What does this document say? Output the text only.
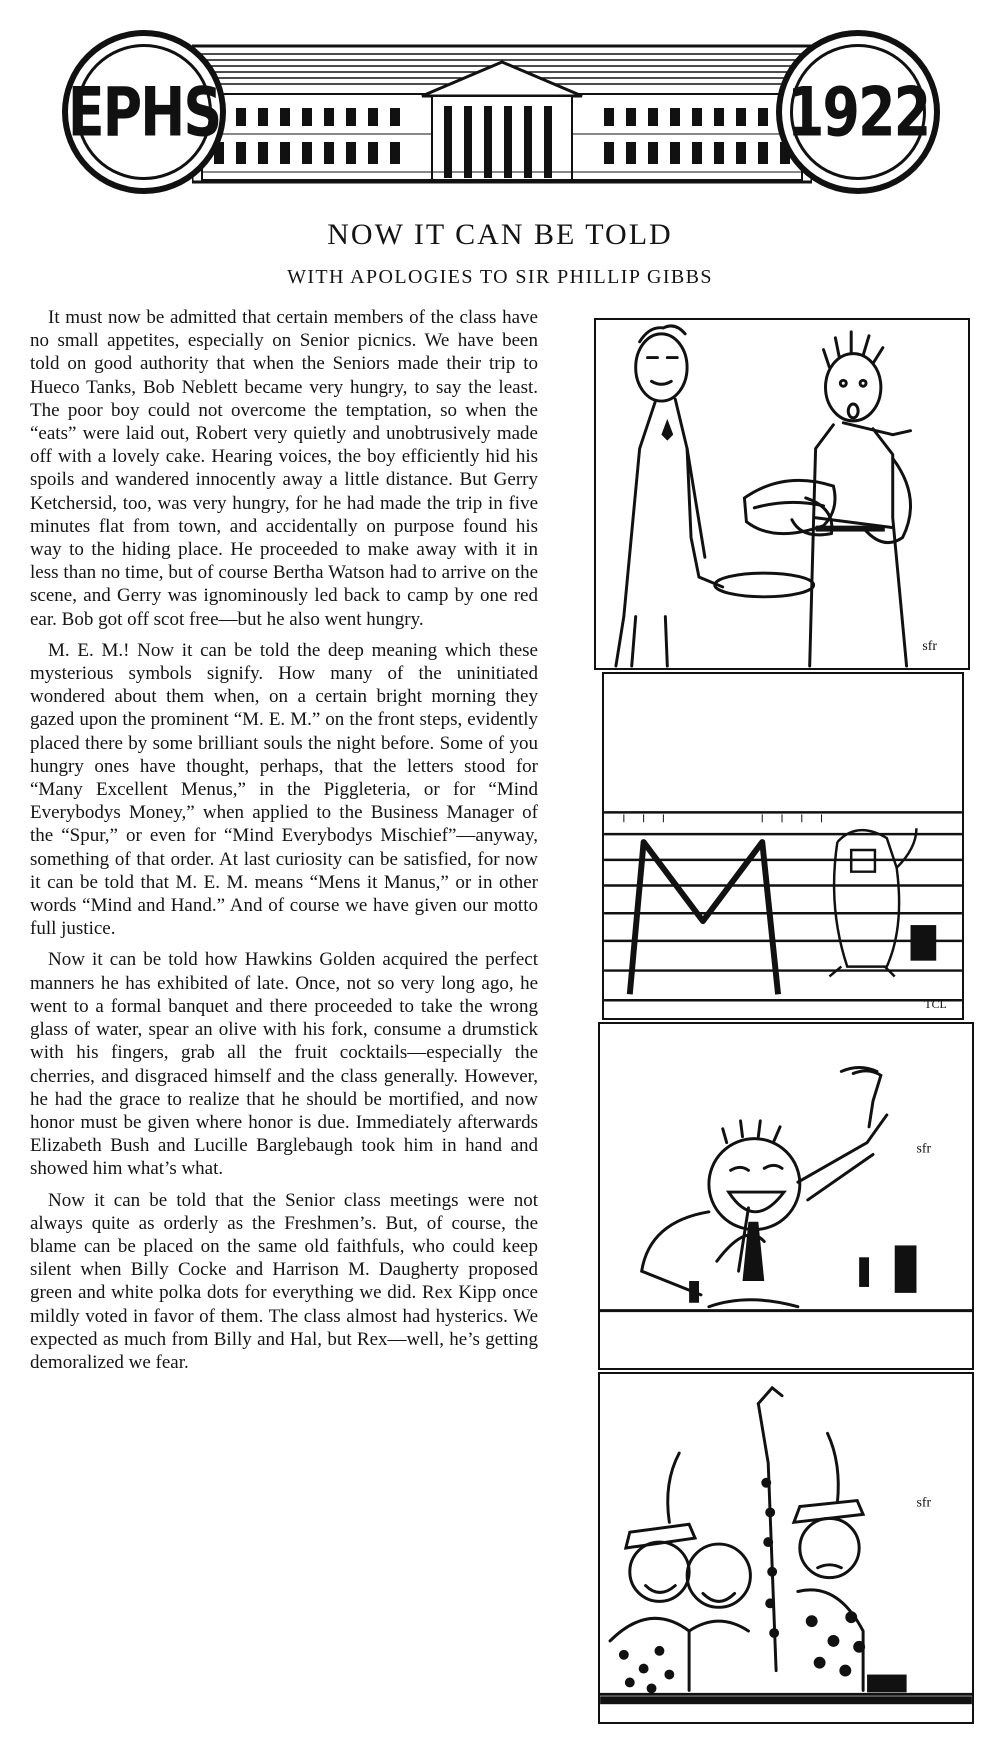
EPHS	1922
NOW IT CAN BE TOLD
WITH APOLOGIES TO SIR PHILLIP GIBBS

It must now be admitted that certain members of the class have no small appetites, especially on Senior picnics. We have been told on good authority that when the Seniors made their trip to Hueco Tanks, Bob Neblett became very hungry, to say the least. The poor boy could not overcome the temptation, so when the “eats” were laid out, Robert very quietly and unobtrusively made off with a lovely cake. Hearing voices, the boy efficiently hid his spoils and wandered innocently away a little distance. But Gerry Ketchersid, too, was very hungry, for he had made the trip in five minutes flat from town, and accidentally on purpose found his way to the hiding place. He proceeded to make away with it in less than no time, but of course Bertha Watson had to arrive on the scene, and Gerry was ignominously led back to camp by one red ear. Bob got off scot free—but he also went hungry.

M. E. M.! Now it can be told the deep meaning which these mysterious symbols signify. How many of the uninitiated wondered about them when, on a certain bright morning they gazed upon the prominent “M. E. M.” on the front steps, evidently placed there by some brilliant souls the night before. Some of you hungry ones have thought, perhaps, that the letters stood for “Many Excellent Menus,” in the Piggleteria, or for “Mind Everybodys Money,” when applied to the Business Manager of the “Spur,” or even for “Mind Everybodys Mischief”—anyway, something of that order. At last curiosity can be satisfied, for now it can be told that M. E. M. means “Mens it Manus,” or in other words “Mind and Hand.” And of course we have given our motto full justice.

Now it can be told how Hawkins Golden acquired the perfect manners he has exhibited of late. Once, not so very long ago, he went to a formal banquet and there proceeded to take the wrong glass of water, spear an olive with his fork, consume a drumstick with his fingers, grab all the fruit cocktails—especially the cherries, and disgraced himself and the class generally. However, he had the grace to realize that he should be mortified, and now honor must be given where honor is due. Immediately afterwards Elizabeth Bush and Lucille Barglebaugh took him in hand and showed him what’s what.

Now it can be told that the Senior class meetings were not always quite as orderly as the Freshmen’s. But, of course, the blame can be placed on the same old faithfuls, who could keep silent when Billy Cocke and Harrison M. Daugherty proposed green and white polka dots for everything we did. Rex Kipp once mildly voted in favor of them. The class almost had hysterics. We expected as much from Billy and Hal, but Rex—well, he’s getting demoralized we fear.

sfr
TCL
sfr
sfr
